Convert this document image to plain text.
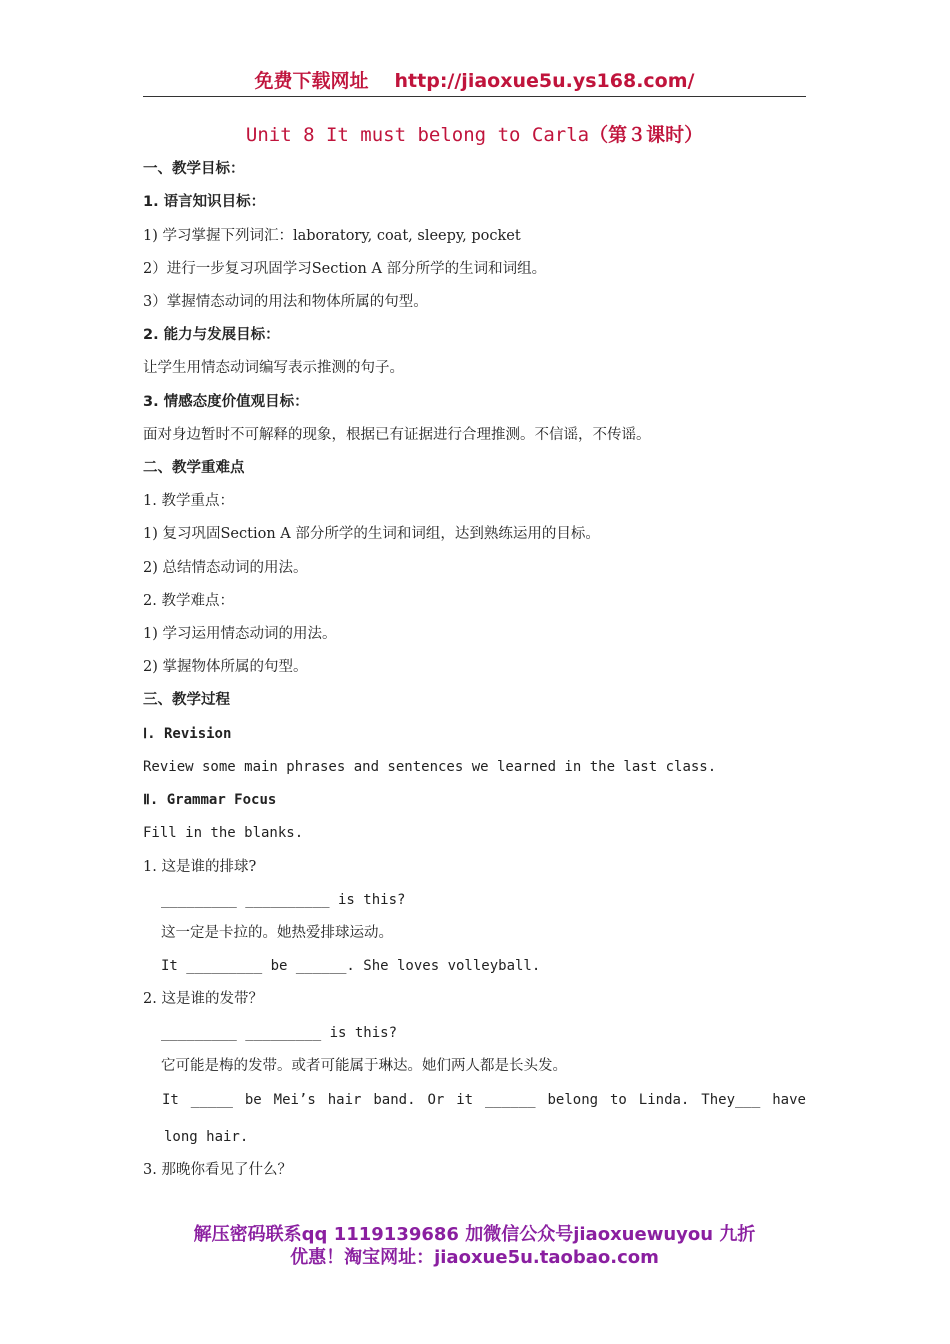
免费下载网址 http://jiaoxue5u.ys168.com/
Unit 8 It must belong to Carla（第３课时）
一、教学目标：
1. 语言知识目标：
1) 学习掌握下列词汇：laboratory, coat, sleepy, pocket
2）进行一步复习巩固学习Section A 部分所学的生词和词组。
3）掌握情态动词的用法和物体所属的句型。
2. 能力与发展目标：
让学生用情态动词编写表示推测的句子。
3. 情感态度价值观目标：
面对身边暂时不可解释的现象，根据已有证据进行合理推测。不信谣，不传谣。
二、教学重难点
1. 教学重点：
1) 复习巩固Section A 部分所学的生词和词组，达到熟练运用的目标。
2) 总结情态动词的用法。
2. 教学难点：
1) 学习运用情态动词的用法。
2) 掌握物体所属的句型。
三、教学过程
Ⅰ. Revision
Review some main phrases and sentences we learned in the last class.
Ⅱ. Grammar Focus
Fill in the blanks.
1. 这是谁的排球?
_________ __________ is this?
这一定是卡拉的。她热爱排球运动。
It _________ be ______. She loves volleyball.
2. 这是谁的发带？
_________ _________ is this?
它可能是梅的发带。或者可能属于琳达。她们两人都是长头发。
It _____ be Mei’s hair band. Or it ______ belong to Linda. They___ have
long hair.
3. 那晚你看见了什么？
解压密码联系qq 1119139686 加微信公众号jiaoxuewuyou 九折
优惠！淘宝网址：jiaoxue5u.taobao.com
